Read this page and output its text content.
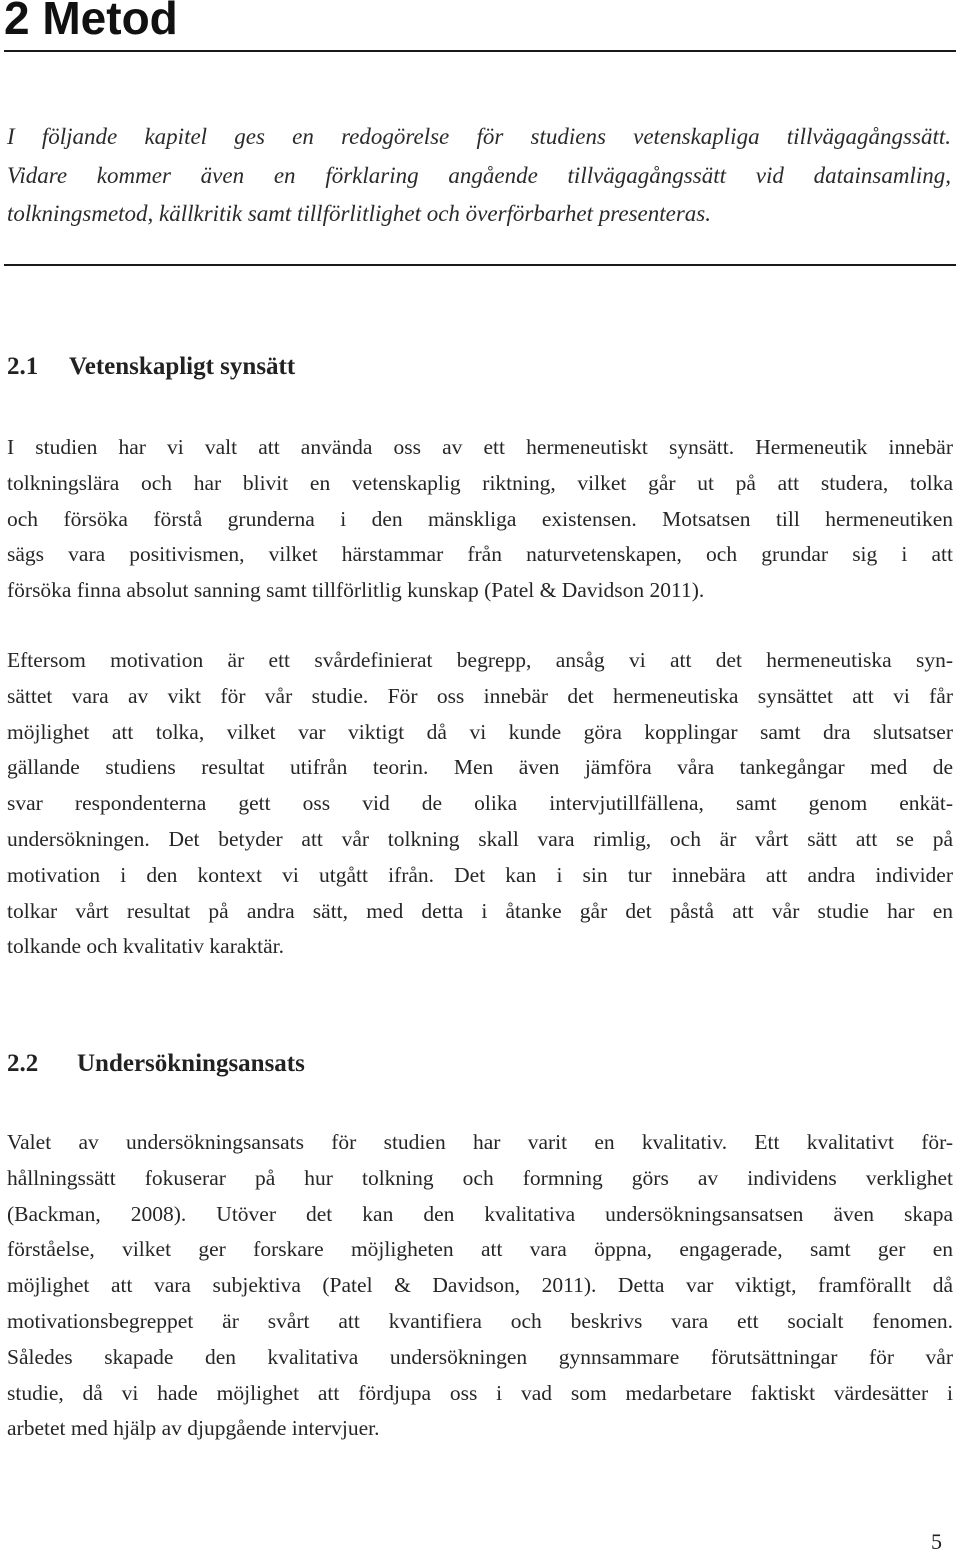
2 Metod

I följande kapitel ges en redogörelse för studiens vetenskapliga tillvägagångssätt.
Vidare kommer även en förklaring angående tillvägagångssätt vid datainsamling,
tolkningsmetod, källkritik samt tillförlitlighet och överförbarhet presenteras.

2.1 Vetenskapligt synsätt

I studien har vi valt att använda oss av ett hermeneutiskt synsätt. Hermeneutik innebär
tolkningslära och har blivit en vetenskaplig riktning, vilket går ut på att studera, tolka
och försöka förstå grunderna i den mänskliga existensen. Motsatsen till hermeneutiken
sägs vara positivismen, vilket härstammar från naturvetenskapen, och grundar sig i att
försöka finna absolut sanning samt tillförlitlig kunskap (Patel & Davidson 2011).

Eftersom motivation är ett svårdefinierat begrepp, ansåg vi att det hermeneutiska syn-
sättet vara av vikt för vår studie. För oss innebär det hermeneutiska synsättet att vi får
möjlighet att tolka, vilket var viktigt då vi kunde göra kopplingar samt dra slutsatser
gällande studiens resultat utifrån teorin. Men även jämföra våra tankegångar med de
svar respondenterna gett oss vid de olika intervjutillfällena, samt genom enkät-
undersökningen. Det betyder att vår tolkning skall vara rimlig, och är vårt sätt att se på
motivation i den kontext vi utgått ifrån. Det kan i sin tur innebära att andra individer
tolkar vårt resultat på andra sätt, med detta i åtanke går det påstå att vår studie har en
tolkande och kvalitativ karaktär.

2.2 Undersökningsansats

Valet av undersökningsansats för studien har varit en kvalitativ. Ett kvalitativt för-
hållningssätt fokuserar på hur tolkning och formning görs av individens verklighet
(Backman, 2008). Utöver det kan den kvalitativa undersökningsansatsen även skapa
förståelse, vilket ger forskare möjligheten att vara öppna, engagerade, samt ger en
möjlighet att vara subjektiva (Patel & Davidson, 2011). Detta var viktigt, framförallt då
motivationsbegreppet är svårt att kvantifiera och beskrivs vara ett socialt fenomen.
Således skapade den kvalitativa undersökningen gynnsammare förutsättningar för vår
studie, då vi hade möjlighet att fördjupa oss i vad som medarbetare faktiskt värdesätter i
arbetet med hjälp av djupgående intervjuer.

5
